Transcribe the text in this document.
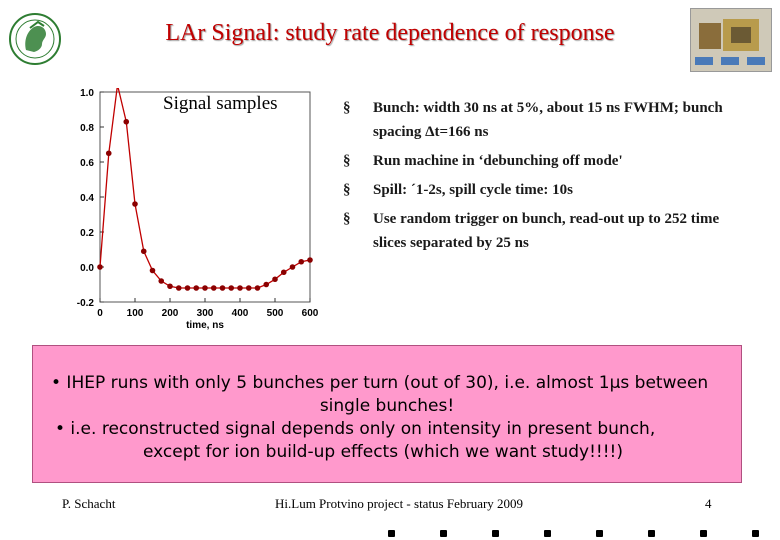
LAr Signal: study rate dependence of response
-0.2
0.0
0.2
0.4
0.6
0.8
1.0
0 100 200 300 400 500 600
time, ns
Signal samples	§ Bunch: width 30 ns at 5%, about 15 ns FWHM; bunch spacing Δt=166 ns
§ Run machine in ‘debunching off mode'
§ Spill: ´1-2s, spill cycle time: 10s
§ Use random trigger on bunch, read-out up to 252 time slices separated by 25 ns

• IHEP runs with only 5 bunches per turn (out of 30), i.e. almost 1μs between

single bunches!

• i.e. reconstructed signal depends only on intensity in present bunch,

except for ion build-up effects (which we want study!!!!)

P. Schacht	Hi.Lum Protvino project - status February 2009	4
